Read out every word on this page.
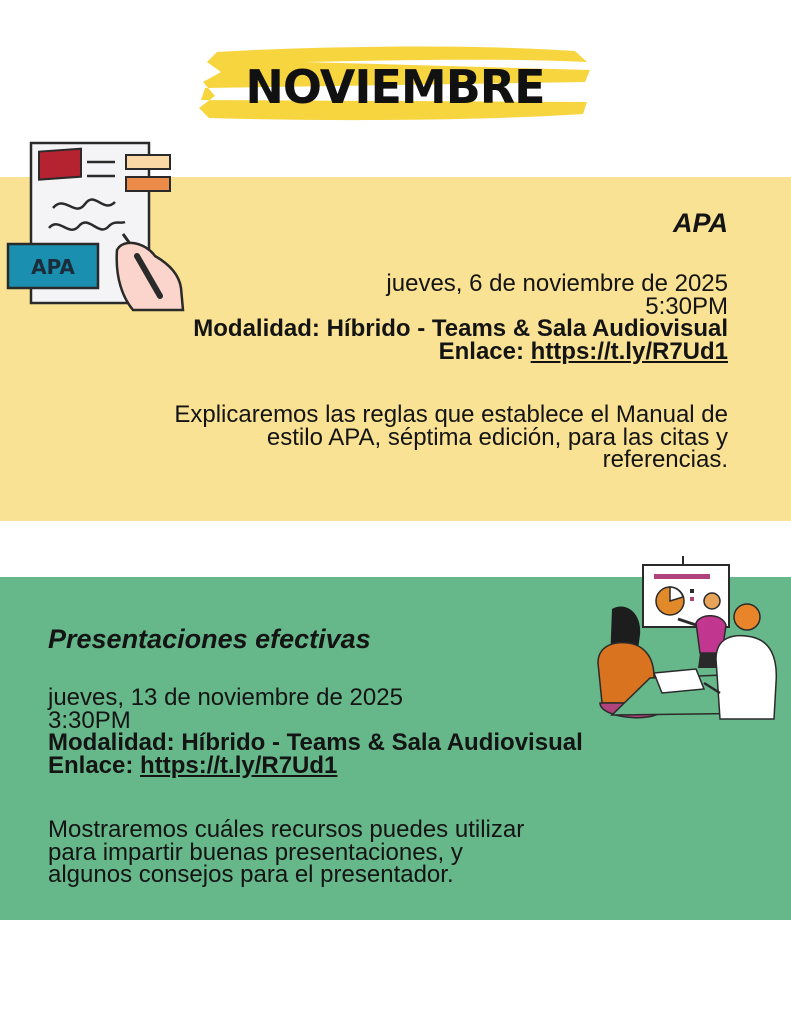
NOVIEMBRE
APA
APA
jueves, 6 de noviembre de 2025
5:30PM
Modalidad: Híbrido - Teams & Sala Audiovisual
Enlace: https://t.ly/R7Ud1
Explicaremos las reglas que establece el Manual de
estilo APA, séptima edición, para las citas y
referencias.
Presentaciones efectivas
jueves, 13 de noviembre de 2025
3:30PM
Modalidad: Híbrido - Teams & Sala Audiovisual
Enlace: https://t.ly/R7Ud1
Mostraremos cuáles recursos puedes utilizar
para impartir buenas presentaciones, y
algunos consejos para el presentador.
